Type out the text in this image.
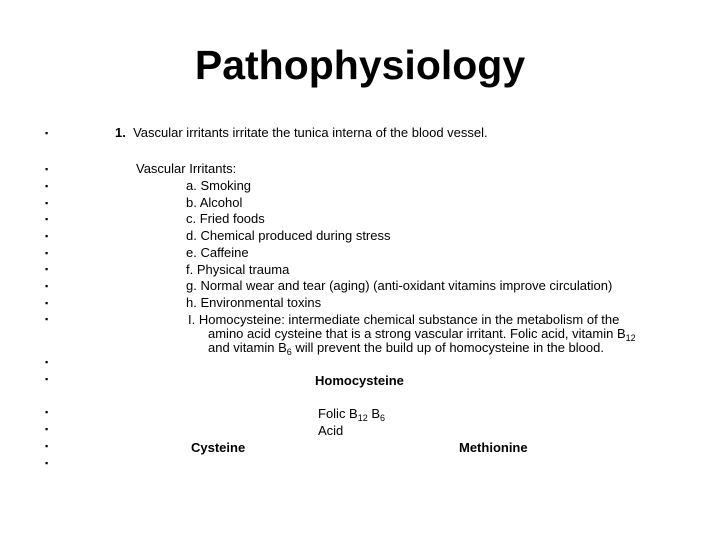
Pathophysiology
▪
▪
▪
▪
▪
▪
▪
▪
▪
▪
▪
▪
▪
▪
▪
▪
▪
1. Vascular irritants irritate the tunica interna of the blood vessel.
Vascular Irritants:
a. Smoking
b. Alcohol
c. Fried foods
d. Chemical produced during stress
e. Caffeine
f. Physical trauma
g. Normal wear and tear (aging) (anti-oxidant vitamins improve circulation)
h. Environmental toxins
I. Homocysteine: intermediate chemical substance in the metabolism of the
amino acid cysteine that is a strong vascular irritant. Folic acid, vitamin $B_{12}$
and vitamin $B_6$ will prevent the build up of homocysteine in the blood.
Homocysteine
Folic $B_{12}$ $B_6$
Acid
Cysteine	Methionine
